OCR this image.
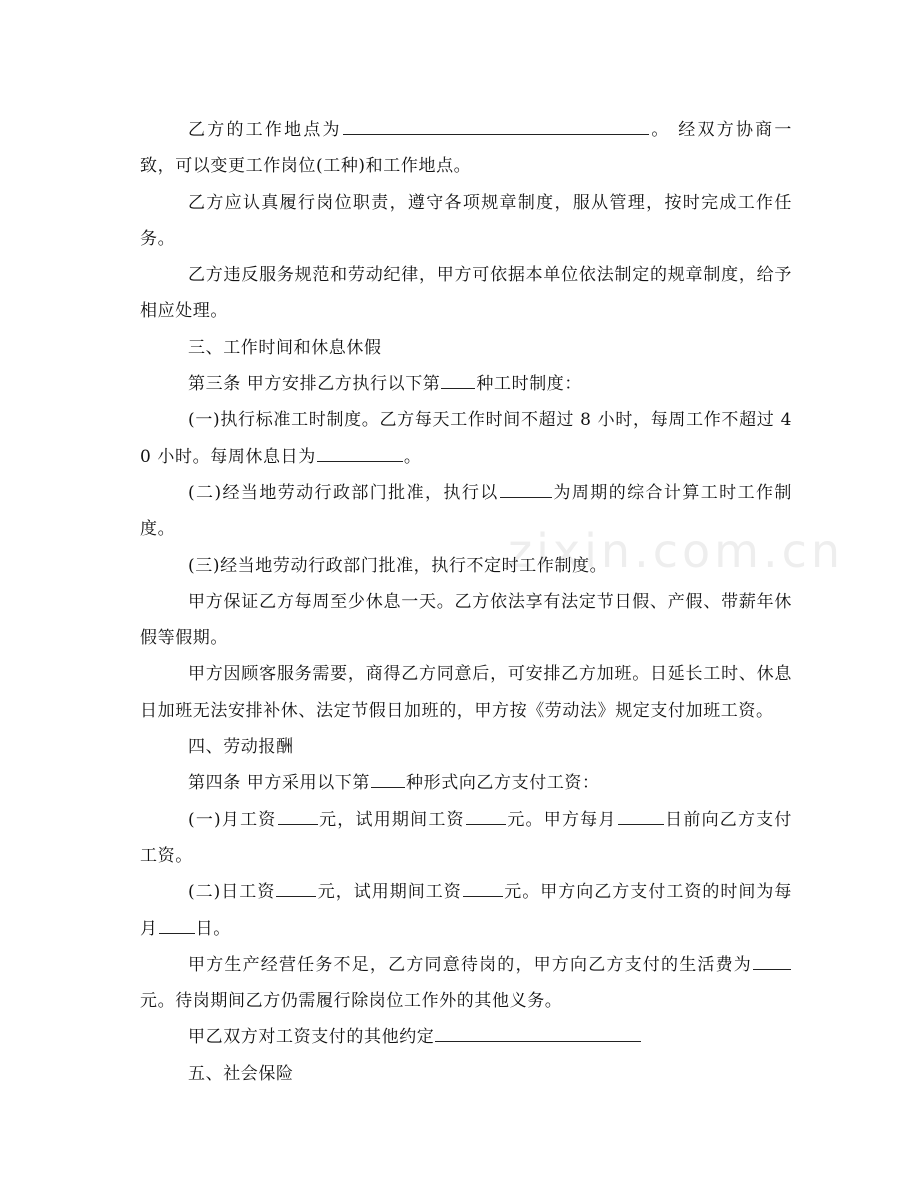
乙方的工作地点为	。 经双方协商一致，可以变更工作岗位(工种)和工作地点。

乙方应认真履行岗位职责，遵守各项规章制度，服从管理，按时完成工作任务。

乙方违反服务规范和劳动纪律，甲方可依据本单位依法制定的规章制度，给予相应处理。

三、工作时间和休息休假

第三条 甲方安排乙方执行以下第 种工时制度：

(一)执行标准工时制度。乙方每天工作时间不超过 8 小时，每周工作不超过 40 小时。每周休息日为	。

(二)经当地劳动行政部门批准，执行以	为周期的综合计算工时工作制度。

(三)经当地劳动行政部门批准，执行不定时工作制度。

甲方保证乙方每周至少休息一天。乙方依法享有法定节日假、产假、带薪年休假等假期。

甲方因顾客服务需要，商得乙方同意后，可安排乙方加班。日延长工时、休息日加班无法安排补休、法定节假日加班的，甲方按《劳动法》规定支付加班工资。

四、劳动报酬

第四条 甲方采用以下第 种形式向乙方支付工资：

(一)月工资 元，试用期间工资 元。甲方每月	日前向乙方支付工资。

(二)日工资 元，试用期间工资 元。甲方向乙方支付工资的时间为每月 日。

甲方生产经营任务不足，乙方同意待岗的，甲方向乙方支付的生活费为元。待岗期间乙方仍需履行除岗位工作外的其他义务。

甲乙双方对工资支付的其他约定

五、社会保险

zixin.com.cn
